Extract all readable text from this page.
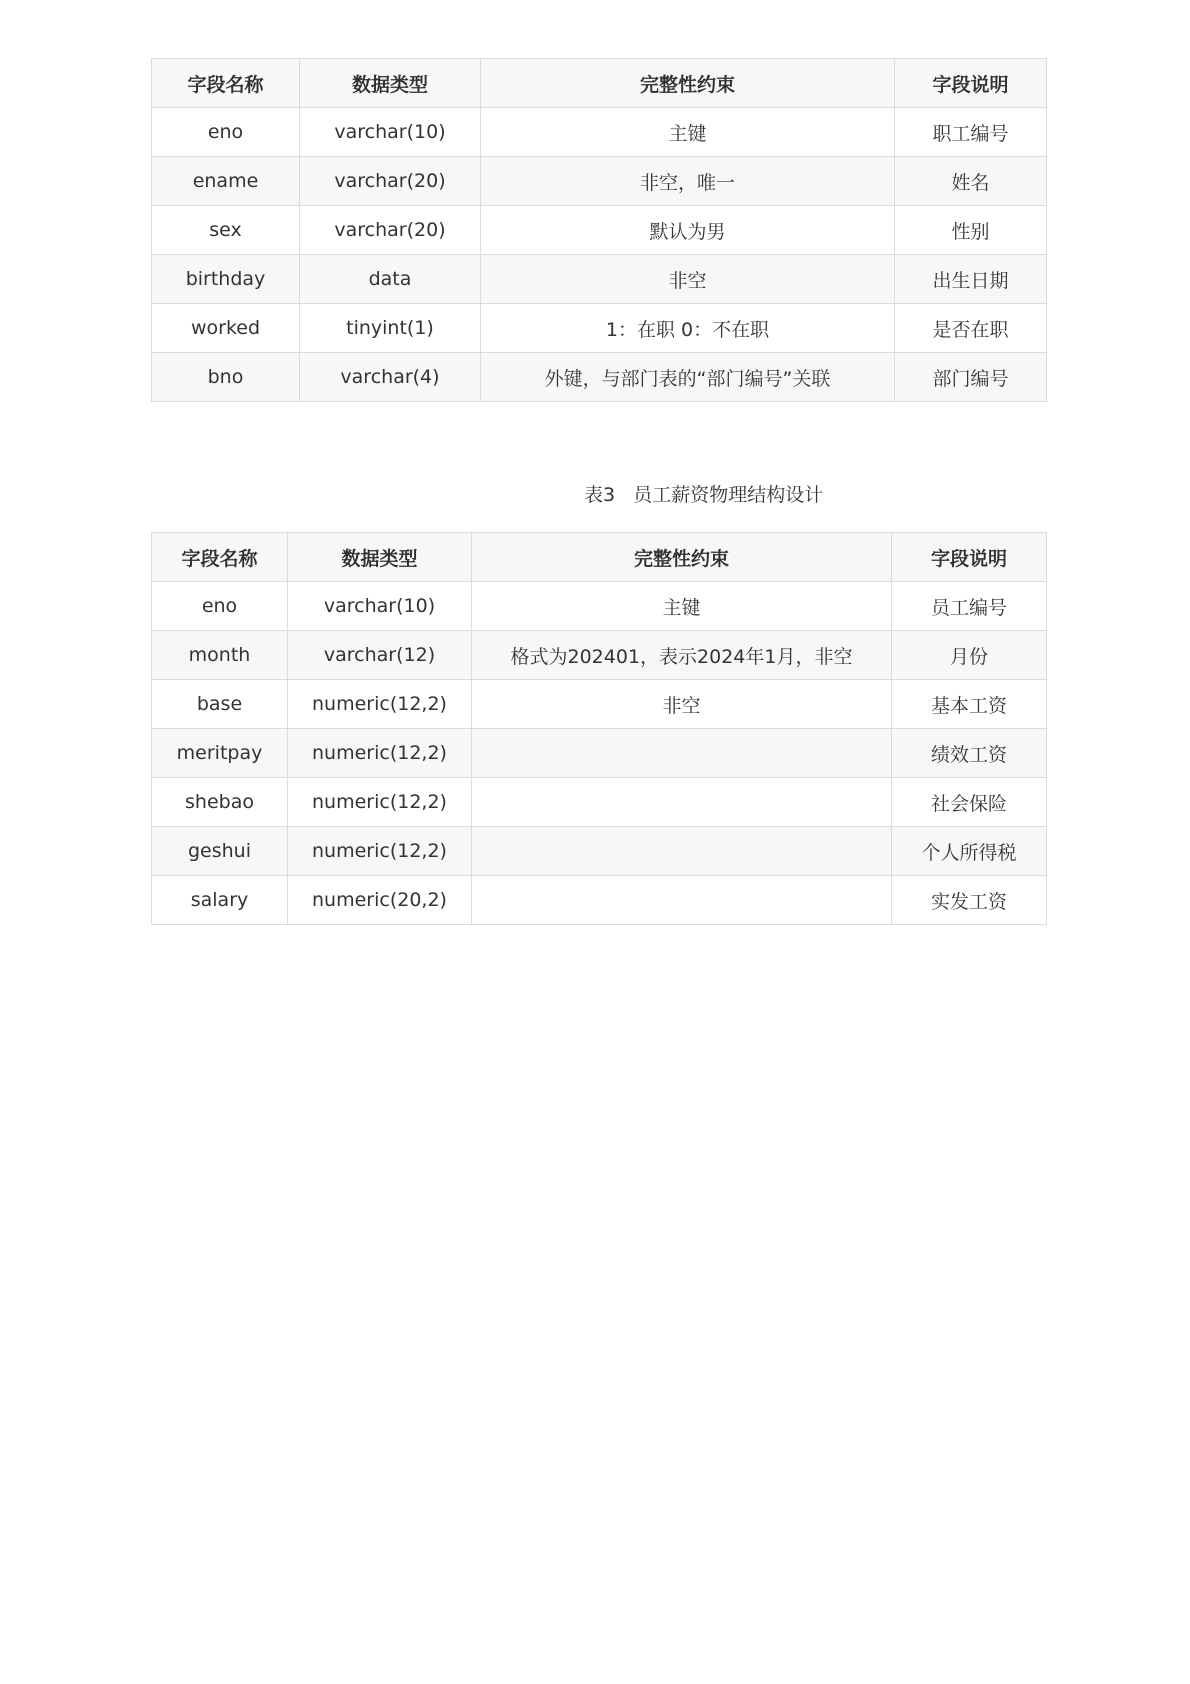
字段名称	数据类型	完整性约束	字段说明
eno	varchar(10)	主键	职工编号
ename	varchar(20)	非空，唯一	姓名
sex	varchar(20)	默认为男	性别
birthday	data	非空	出生日期
worked	tinyint(1)	1：在职 0：不在职	是否在职
bno	varchar(4)	外键，与部门表的“部门编号”关联	部门编号
表3   员工薪资物理结构设计
字段名称	数据类型	完整性约束	字段说明
eno	varchar(10)	主键	员工编号
month	varchar(12)	格式为202401，表示2024年1月，非空	月份
base	numeric(12,2)	非空	基本工资
meritpay	numeric(12,2)		绩效工资
shebao	numeric(12,2)		社会保险
geshui	numeric(12,2)		个人所得税
salary	numeric(20,2)		实发工资
